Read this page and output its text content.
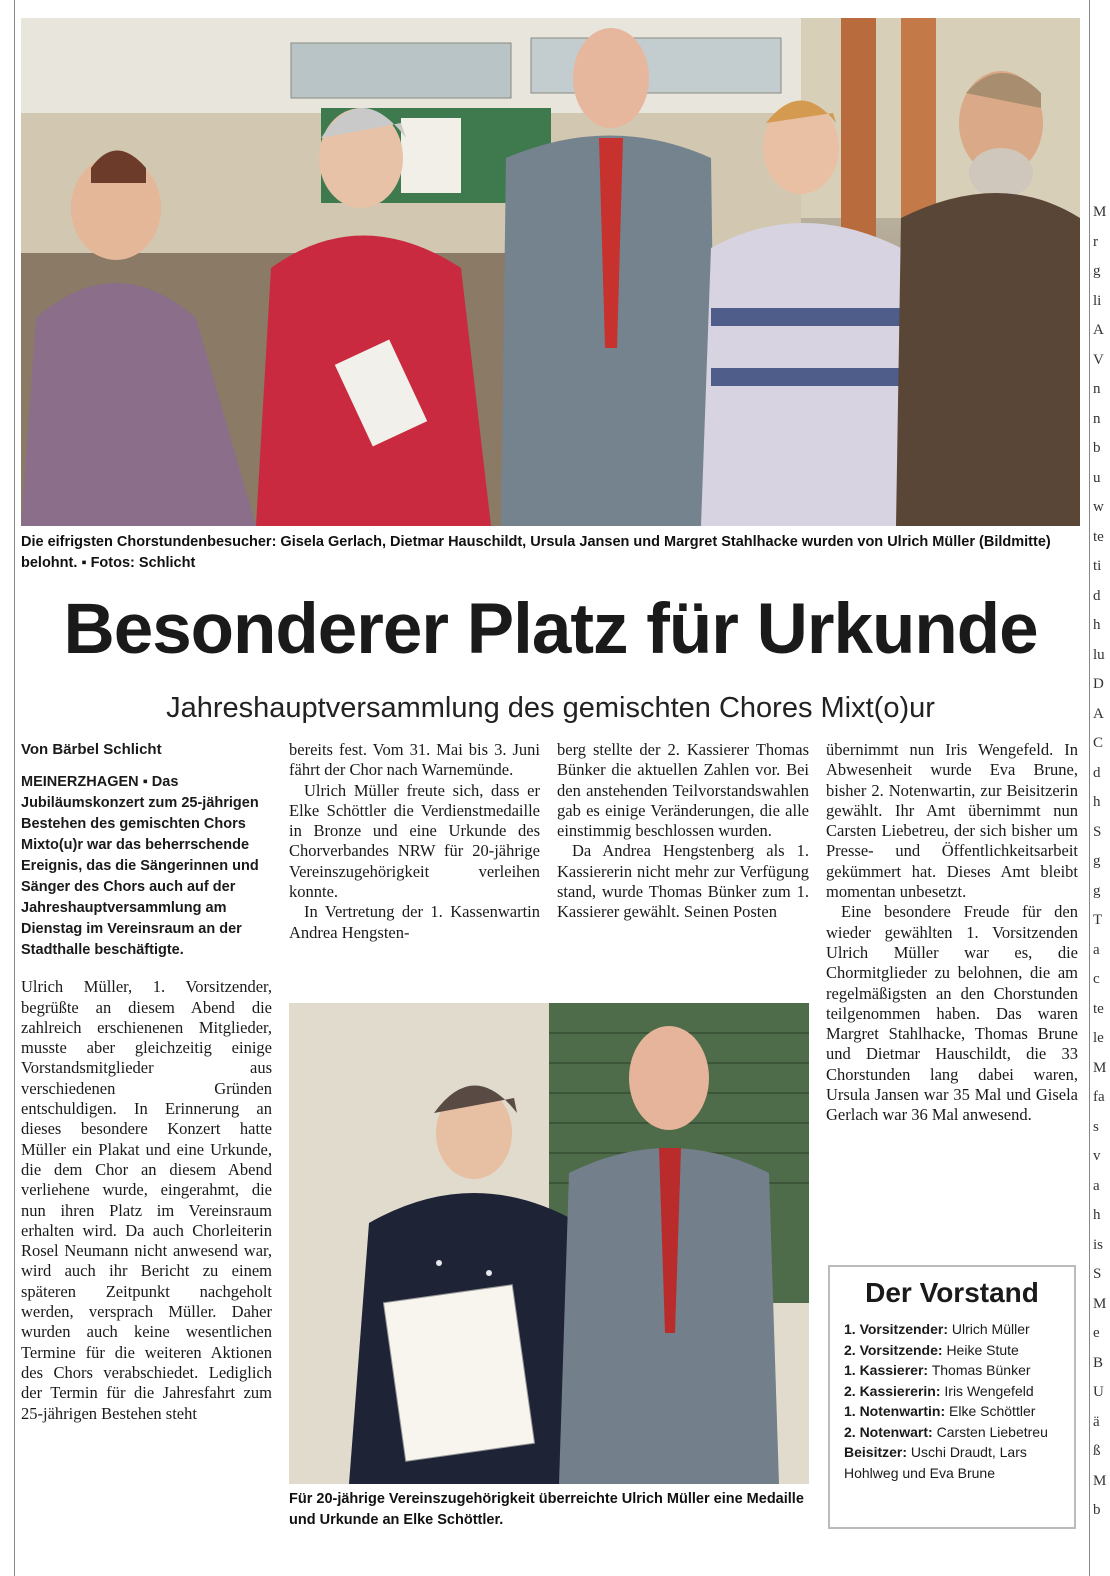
M
r
g
li
A
V
n
n
b
u
w
te
ti
d
h
lu
D
A
C
d
h
S
g
g
T
a
c
te
le
M
fa
s
v
a
h
is
S
M
e
B
U
ä
ß
M
b
Die eifrigsten Chorstundenbesucher: Gisela Gerlach, Dietmar Hauschildt, Ursula Jansen und Margret Stahlhacke wurden von Ulrich Müller (Bildmitte) belohnt. ▪ Fotos: Schlicht
Besonderer Platz für Urkunde
Jahreshauptversammlung des gemischten Chores Mixt(o)ur
Von Bärbel Schlicht
MEINERZHAGEN ▪ Das Jubiläumskonzert zum 25-jährigen Bestehen des gemischten Chors Mixto(u)r war das beherrschende Ereignis, das die Sängerinnen und Sänger des Chors auch auf der Jahreshauptversammlung am Dienstag im Vereinsraum an der Stadthalle beschäftigte.

Ulrich Müller, 1. Vorsitzender, begrüßte an diesem Abend die zahlreich erschienenen Mitglieder, musste aber gleichzeitig einige Vorstandsmitglieder aus verschiedenen Gründen entschuldigen. In Erinnerung an dieses besondere Konzert hatte Müller ein Plakat und eine Urkunde, die dem Chor an diesem Abend verliehene wurde, eingerahmt, die nun ihren Platz im Vereinsraum erhalten wird. Da auch Chorleiterin Rosel Neumann nicht anwesend war, wird auch ihr Bericht zu einem späteren Zeitpunkt nachgeholt werden, versprach Müller. Daher wurden auch keine wesentlichen Termine für die weiteren Aktionen des Chors verabschiedet. Lediglich der Termin für die Jahresfahrt zum 25-jährigen Bestehen steht

bereits fest. Vom 31. Mai bis 3. Juni fährt der Chor nach Warnemünde.

Ulrich Müller freute sich, dass er Elke Schöttler die Verdienstmedaille in Bronze und eine Urkunde des Chorverbandes NRW für 20-jährige Vereinszugehörigkeit verleihen konnte.

In Vertretung der 1. Kassenwartin Andrea Hengsten-

berg stellte der 2. Kassierer Thomas Bünker die aktuellen Zahlen vor. Bei den anstehenden Teilvorstandswahlen gab es einige Veränderungen, die alle einstimmig beschlossen wurden.

Da Andrea Hengstenberg als 1. Kassiererin nicht mehr zur Verfügung stand, wurde Thomas Bünker zum 1. Kassierer gewählt. Seinen Posten

übernimmt nun Iris Wengefeld. In Abwesenheit wurde Eva Brune, bisher 2. Notenwartin, zur Beisitzerin gewählt. Ihr Amt übernimmt nun Carsten Liebetreu, der sich bisher um Presse- und Öffentlichkeitsarbeit gekümmert hat. Dieses Amt bleibt momentan unbesetzt.

Eine besondere Freude für den wieder gewählten 1. Vorsitzenden Ulrich Müller war es, die Chormitglieder zu belohnen, die am regelmäßigsten an den Chorstunden teilgenommen haben. Das waren Margret Stahlhacke, Thomas Brune und Dietmar Hauschildt, die 33 Chorstunden lang dabei waren, Ursula Jansen war 35 Mal und Gisela Gerlach war 36 Mal anwesend.

Für 20-jährige Vereinszugehörigkeit überreichte Ulrich Müller eine Medaille und Urkunde an Elke Schöttler.
Der Vorstand
1. Vorsitzender: Ulrich Müller
2. Vorsitzende: Heike Stute
1. Kassierer: Thomas Bünker
2. Kassiererin: Iris Wengefeld
1. Notenwartin: Elke Schöttler
2. Notenwart: Carsten Liebetreu
Beisitzer: Uschi Draudt, Lars Hohlweg und Eva Brune
